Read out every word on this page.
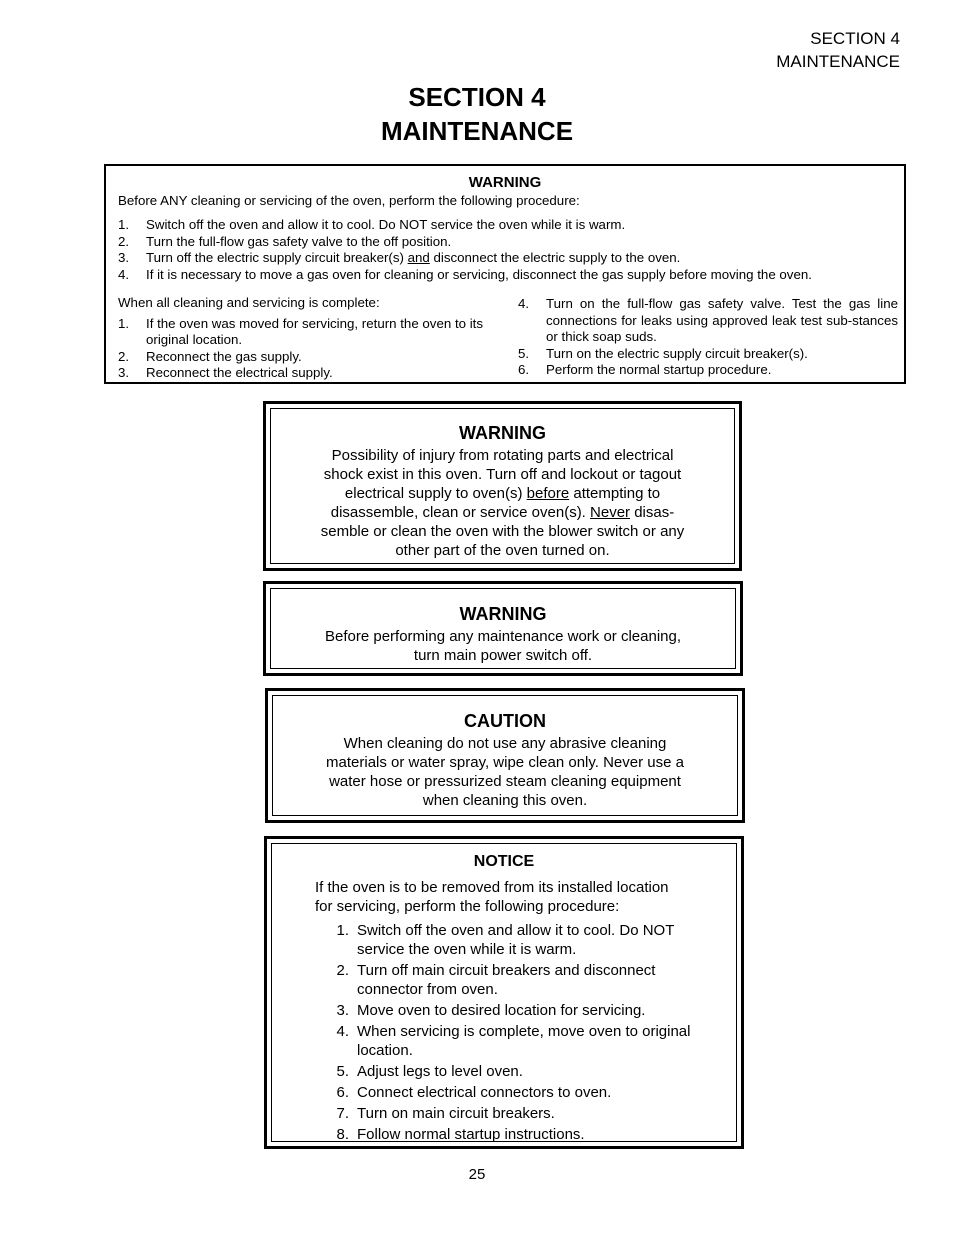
SECTION 4
MAINTENANCE
SECTION 4
MAINTENANCE
WARNING
Before ANY cleaning or servicing of the oven, perform the following procedure:
1.	Switch off the oven and allow it to cool. Do NOT service the oven while it is warm.
2.	Turn the full-flow gas safety valve to the off position.
3.	Turn off the electric supply circuit breaker(s) and disconnect the electric supply to the oven.
4.	If it is necessary to move a gas oven for cleaning or servicing, disconnect the gas supply before moving the oven.
When all cleaning and servicing is complete:
1.	If the oven was moved for servicing, return the oven to its original location.
2.	Reconnect the gas supply.
3.	Reconnect the electrical supply.
4.	Turn on the full-flow gas safety valve. Test the gas line connections for leaks using approved leak test sub-stances or thick soap suds.
5.	Turn on the electric supply circuit breaker(s).
6.	Perform the normal startup procedure.
WARNING
Possibility of injury from rotating parts and electrical
shock exist in this oven. Turn off and lockout or tagout
electrical supply to oven(s) before attempting to
disassemble, clean or service oven(s). Never disas-
semble or clean the oven with the blower switch or any
other part of the oven turned on.
WARNING
Before performing any maintenance work or cleaning,
turn main power switch off.
CAUTION
When cleaning do not use any abrasive cleaning
materials or water spray, wipe clean only. Never use a
water hose or pressurized steam cleaning equipment
when cleaning this oven.
NOTICE
If the oven is to be removed from its installed location
for servicing, perform the following procedure:
1. Switch off the oven and allow it to cool. Do NOT
service the oven while it is warm.
2. Turn off main circuit breakers and disconnect
connector from oven.
3. Move oven to desired location for servicing.
4. When servicing is complete, move oven to original
location.
5. Adjust legs to level oven.
6. Connect electrical connectors to oven.
7. Turn on main circuit breakers.
8. Follow normal startup instructions.
25
